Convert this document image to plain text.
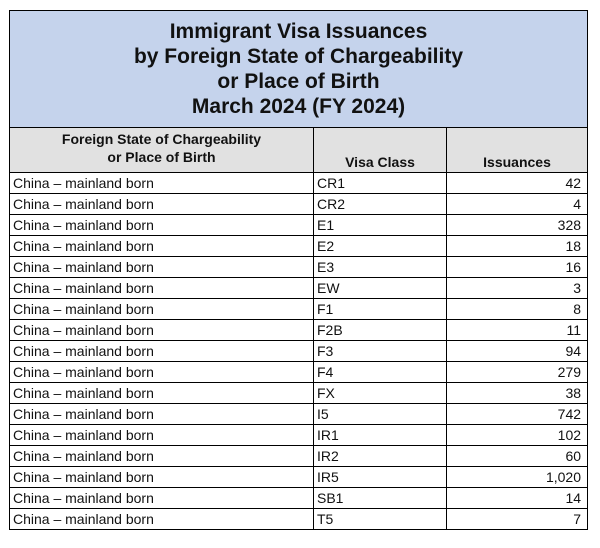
Immigrant Visa Issuances
by Foreign State of Chargeability
or Place of Birth
March 2024 (FY 2024)		

Foreign State of Chargeability
or Place of Birth	Visa Class	Issuances
China – mainland born	CR1	42
China – mainland born	CR2	4
China – mainland born	E1	328
China – mainland born	E2	18
China – mainland born	E3	16
China – mainland born	EW	3
China – mainland born	F1	8
China – mainland born	F2B	11
China – mainland born	F3	94
China – mainland born	F4	279
China – mainland born	FX	38
China – mainland born	I5	742
China – mainland born	IR1	102
China – mainland born	IR2	60
China – mainland born	IR5	1,020
China – mainland born	SB1	14
China – mainland born	T5	7
